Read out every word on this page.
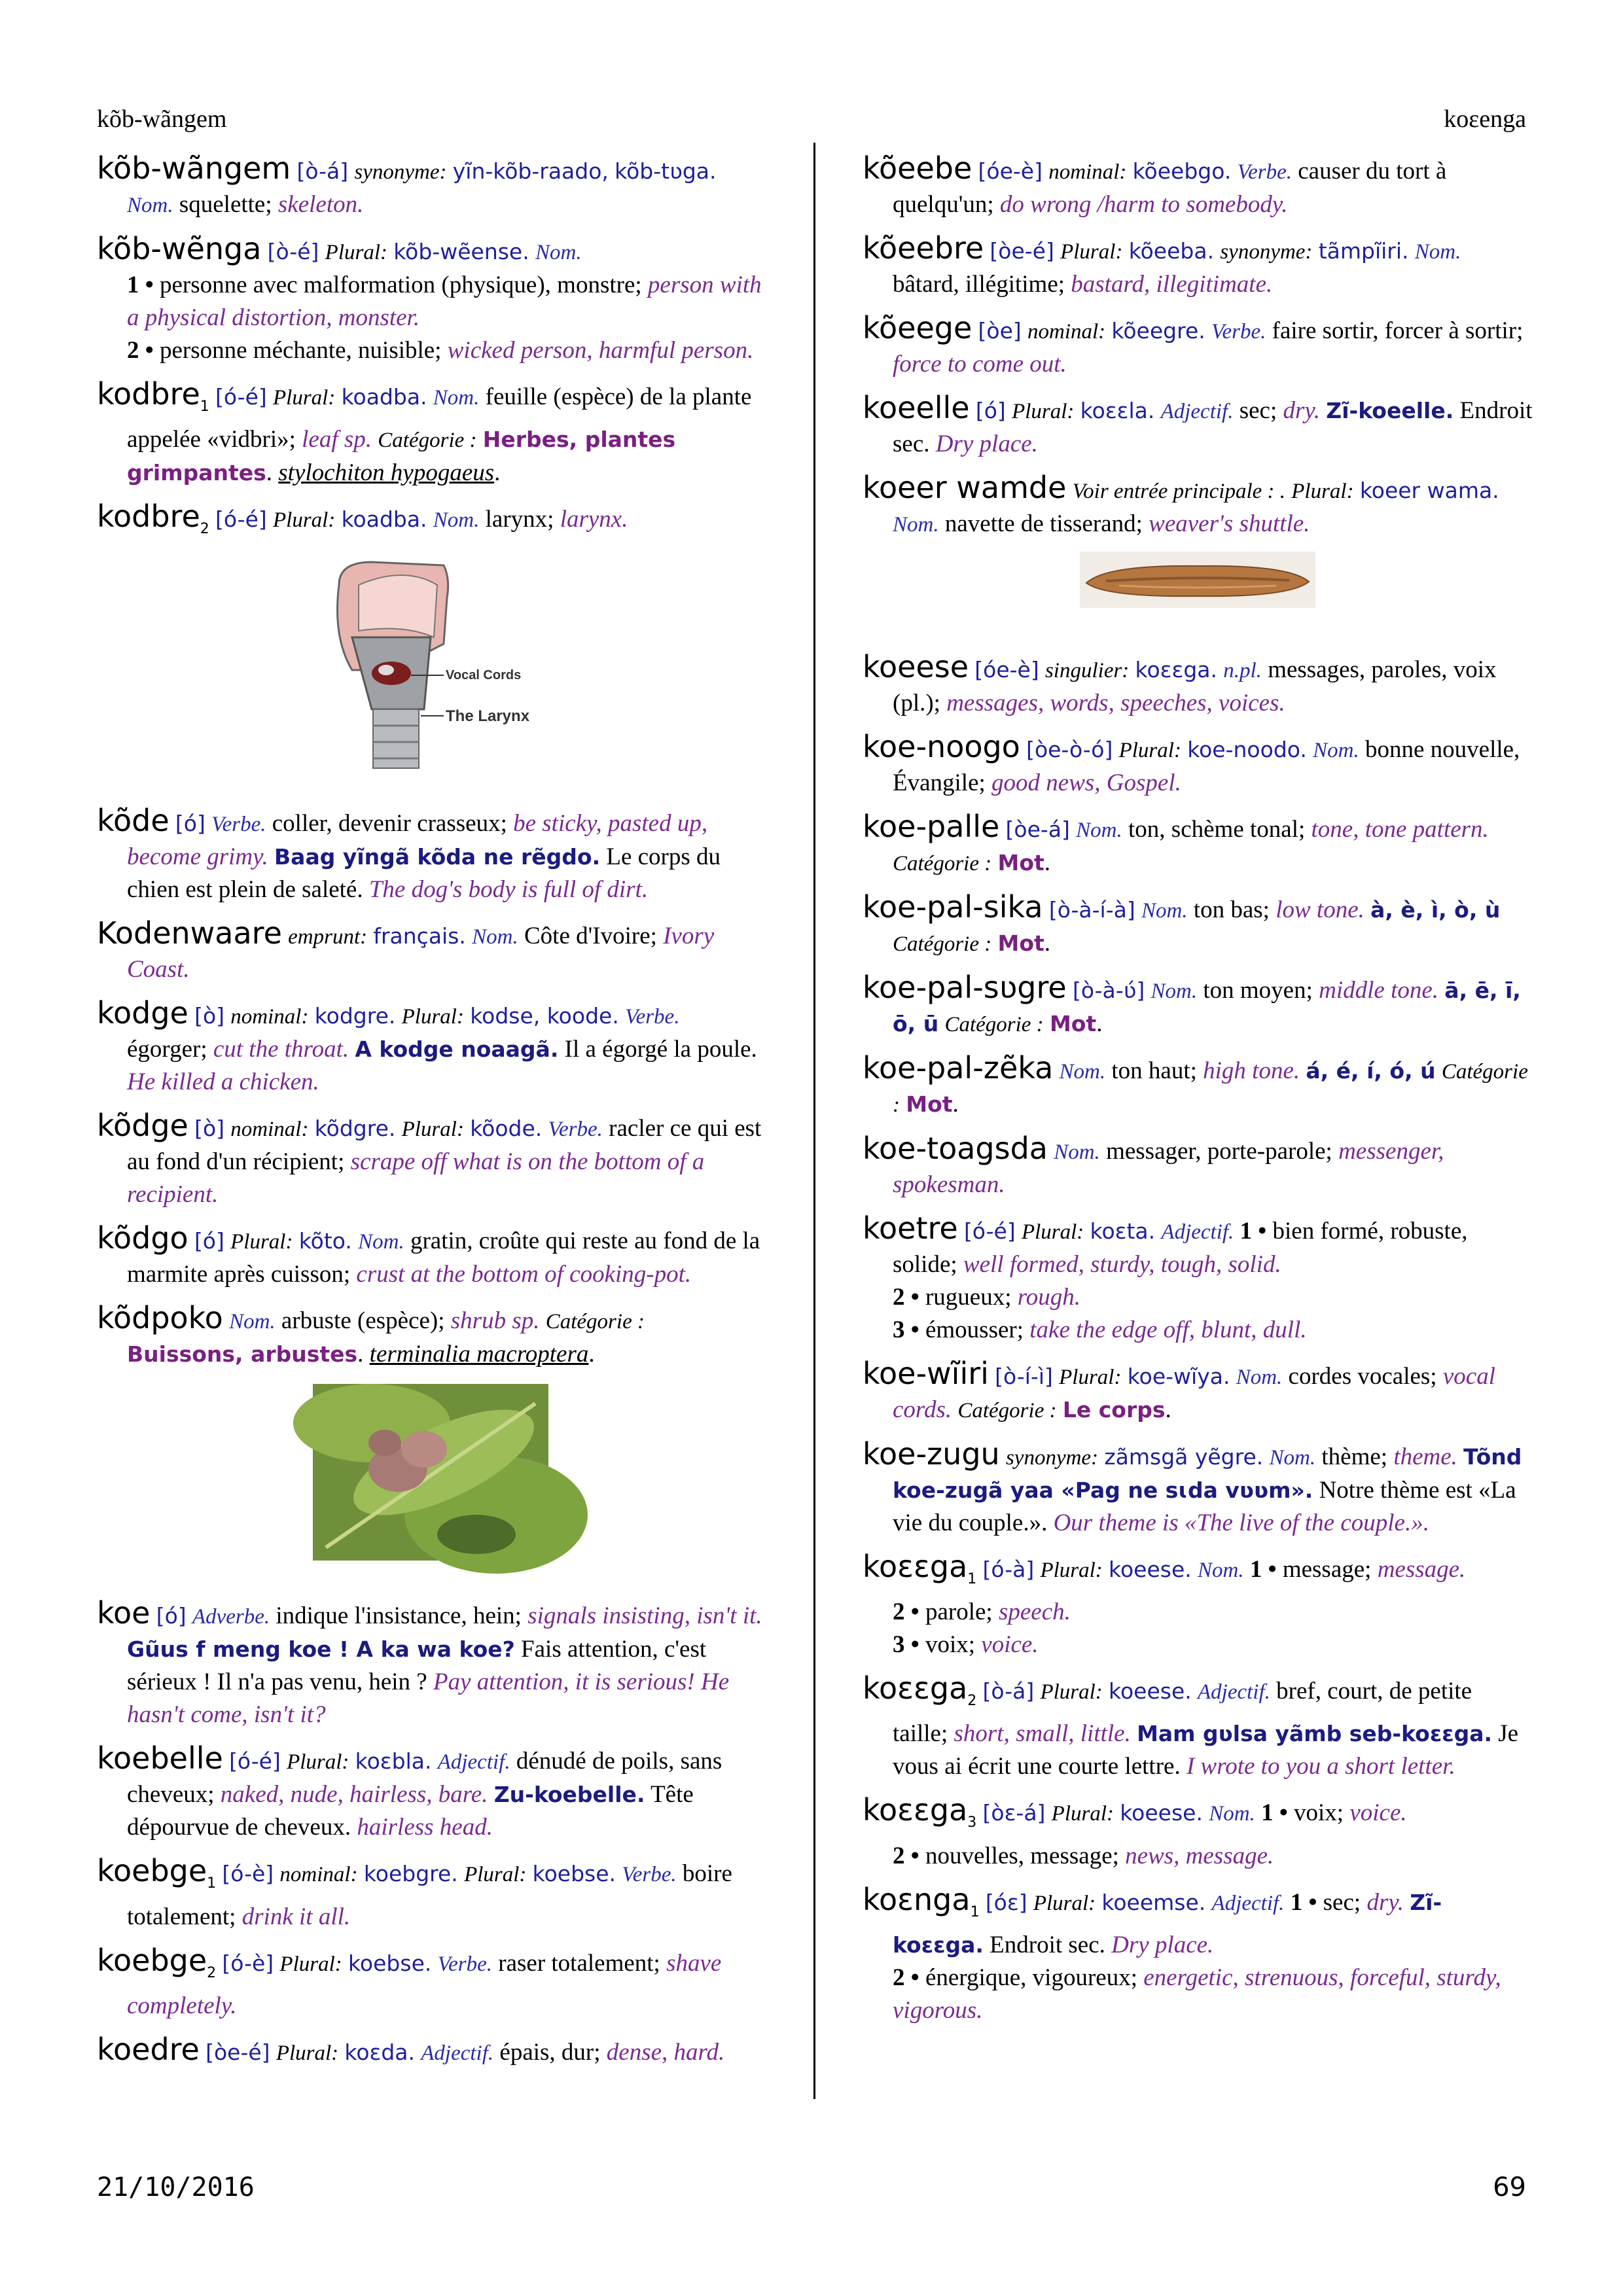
kõb-wãngem	koɛenga
kõb-wãngem [ò-á] synonyme: yĩn-kõb-raado, kõb-tʋga. Nom. squelette; skeleton.
kõb-wẽnga [ò-é] Plural: kõb-wẽense. Nom.
1 • personne avec malformation (physique), monstre; person with a physical distortion, monster.
2 • personne méchante, nuisible; wicked person, harmful person.
kodbre$_1$ [ó-é] Plural: koadba. Nom. feuille (espèce) de la plante appelée «vidbri»; leaf sp. Catégorie : Herbes, plantes grimpantes. stylochiton hypogaeus.
kodbre$_2$ [ó-é] Plural: koadba. Nom. larynx; larynx.
Vocal Cords
The Larynx
kõde [ó] Verbe. coller, devenir crasseux; be sticky, pasted up, become grimy. Baag yĩngã kõda ne rẽgdo. Le corps du chien est plein de saleté. The dog's body is full of dirt.
Kodenwaare emprunt: français. Nom. Côte d'Ivoire; Ivory Coast.
kodge [ò] nominal: kodgre. Plural: kodse, koode. Verbe. égorger; cut the throat. A kodge noaagã. Il a égorgé la poule. He killed a chicken.
kõdge [ò] nominal: kõdgre. Plural: kõode. Verbe. racler ce qui est au fond d'un récipient; scrape off what is on the bottom of a recipient.
kõdgo [ó] Plural: kõto. Nom. gratin, croûte qui reste au fond de la marmite après cuisson; crust at the bottom of cooking-pot.
kõdpoko Nom. arbuste (espèce); shrub sp. Catégorie : Buissons, arbustes. terminalia macroptera.
koe [ó] Adverbe. indique l'insistance, hein; signals insisting, isn't it. Gũus f meng koe ! A ka wa koe? Fais attention, c'est sérieux ! Il n'a pas venu, hein ? Pay attention, it is serious! He hasn't come, isn't it?
koebelle [ó-é] Plural: koɛbla. Adjectif. dénudé de poils, sans cheveux; naked, nude, hairless, bare. Zu-koebelle. Tête dépourvue de cheveux. hairless head.
koebge$_1$ [ó-è] nominal: koebgre. Plural: koebse. Verbe. boire totalement; drink it all.
koebge$_2$ [ó-è] Plural: koebse. Verbe. raser totalement; shave completely.
koedre [òe-é] Plural: koɛda. Adjectif. épais, dur; dense, hard.
kõeebe [óe-è] nominal: kõeebgo. Verbe. causer du tort à quelqu'un; do wrong /harm to somebody.
kõeebre [òe-é] Plural: kõeeba. synonyme: tãmpĩiri. Nom. bâtard, illégitime; bastard, illegitimate.
kõeege [òe] nominal: kõeegre. Verbe. faire sortir, forcer à sortir; force to come out.
koeelle [ó] Plural: koɛɛla. Adjectif. sec; dry. Zĩ-koeelle. Endroit sec. Dry place.
koeer wamde Voir entrée principale : . Plural: koeer wama. Nom. navette de tisserand; weaver's shuttle.
koeese [óe-è] singulier: koɛɛga. n.pl. messages, paroles, voix (pl.); messages, words, speeches, voices.
koe-noogo [òe-ò-ó] Plural: koe-noodo. Nom. bonne nouvelle, Évangile; good news, Gospel.
koe-palle [òe-á] Nom. ton, schème tonal; tone, tone pattern. Catégorie : Mot.
koe-pal-sika [ò-à-í-à] Nom. ton bas; low tone. à, è, ì, ò, ù Catégorie : Mot.
koe-pal-sʋgre [ò-à-ʋ́] Nom. ton moyen; middle tone. ā, ē, ī, ō, ū Catégorie : Mot.
koe-pal-zẽka Nom. ton haut; high tone. á, é, í, ó, ú Catégorie : Mot.
koe-toagsda Nom. messager, porte-parole; messenger, spokesman.
koetre [ó-é] Plural: koɛta. Adjectif. 1 • bien formé, robuste, solide; well formed, sturdy, tough, solid.
2 • rugueux; rough.
3 • émousser; take the edge off, blunt, dull.
koe-wĩiri [ò-í-ì] Plural: koe-wĩya. Nom. cordes vocales; vocal cords. Catégorie : Le corps.
koe-zugu synonyme: zãmsgã yẽgre. Nom. thème; theme. Tõnd koe-zugã yaa «Pag ne sɩda vʋʋm». Notre thème est «La vie du couple.». Our theme is «The live of the couple.».
koɛɛga$_1$ [ó-à] Plural: koeese. Nom. 1 • message; message.
2 • parole; speech.
3 • voix; voice.
koɛɛga$_2$ [ò-á] Plural: koeese. Adjectif. bref, court, de petite taille; short, small, little. Mam gʋlsa yãmb seb-koɛɛga. Je vous ai écrit une courte lettre. I wrote to you a short letter.
koɛɛga$_3$ [òɛ-á] Plural: koeese. Nom. 1 • voix; voice.
2 • nouvelles, message; news, message.
koɛnga$_1$ [óɛ] Plural: koeemse. Adjectif. 1 • sec; dry. Zĩ-koɛɛga. Endroit sec. Dry place.
2 • énergique, vigoureux; energetic, strenuous, forceful, sturdy, vigorous.
21/10/2016	69
